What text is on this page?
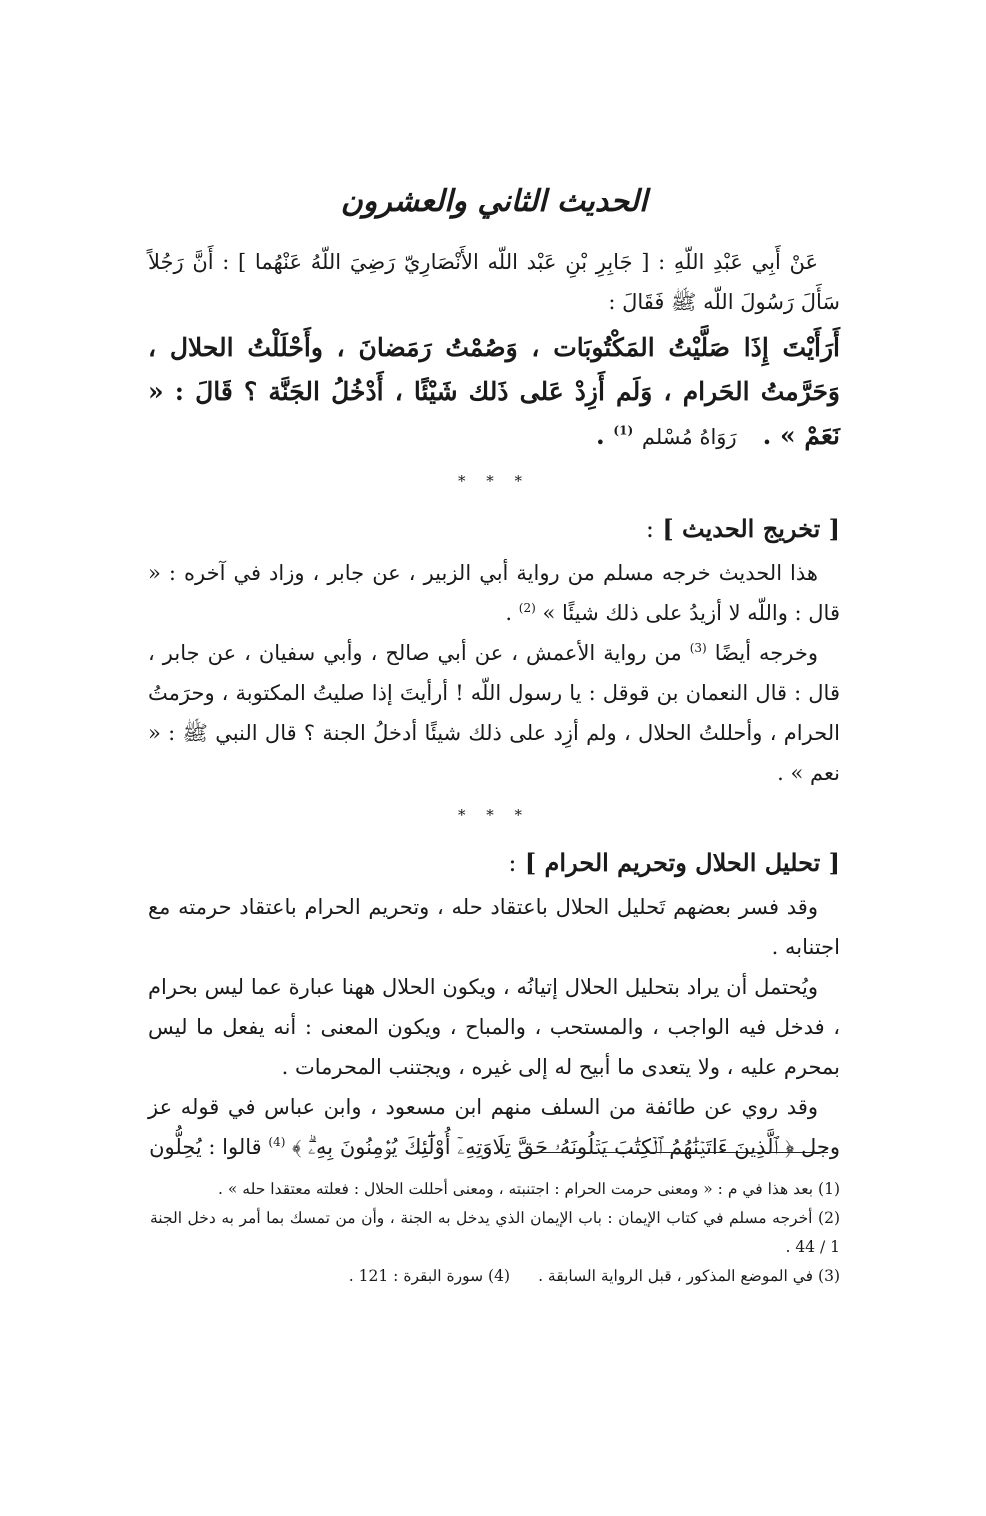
الحديث الثاني والعشرون

عَنْ أَبِي عَبْدِ اللّهِ : [ جَابِرِ بْنِ عَبْد اللّه الأَنْصَارِيّ رَضِيَ اللّهُ عَنْهُما ] : أَنَّ رَجُلاً سَأَلَ رَسُولَ اللّه ﷺ فَقَالَ :

أَرَأَيْتَ إِذَا صَلَّيْتُ المَكْتُوبَات ، وَصُمْتُ رَمَضانَ ، وأَحْلَلْتُ الحلال ، وَحَرَّمتُ الحَرام ، وَلَم أَزِدْ عَلى ذَلك شَيْئًا ، أَدْخُلُ الجَنَّة ؟ قَالَ : « نَعَمْ » .رَوَاهُ مُسْلم $^{(1)}$ .

* * *
[ تخريج الحديث ] :

هذا الحديث خرجه مسلم من رواية أبي الزبير ، عن جابر ، وزاد في آخره : « قال : واللّه لا أزيدُ على ذلك شيئًا » $^{(2)}$ .

وخرجه أيضًا $^{(3)}$ من رواية الأعمش ، عن أبي صالح ، وأبي سفيان ، عن جابر ، قال : قال النعمان بن قوقل : يا رسول اللّه ! أرأيتَ إذا صليتُ المكتوبة ، وحرَمتُ الحرام ، وأحللتُ الحلال ، ولم أزِد على ذلك شيئًا أدخلُ الجنة ؟ قال النبي ﷺ : « نعم » .

* * *
[ تحليل الحلال وتحريم الحرام ] :

وقد فسر بعضهم تَحليل الحلال باعتقاد حله ، وتحريم الحرام باعتقاد حرمته مع اجتنابه .

ويُحتمل أن يراد بتحليل الحلال إتيانُه ، ويكون الحلال ههنا عبارة عما ليس بحرام ، فدخل فيه الواجب ، والمستحب ، والمباح ، ويكون المعنى : أنه يفعل ما ليس بمحرم عليه ، ولا يتعدى ما أبيح له إلى غيره ، ويجتنب المحرمات .

وقد روي عن طائفة من السلف منهم ابن مسعود ، وابن عباس في قوله عز وجل ﴿ ٱلَّذِينَ ءَاتَيۡنَٰهُمُ ٱلۡكِتَٰبَ يَتۡلُونَهُۥ حَقَّ تِلَاوَتِهِۦٓ أُوْلَٰٓئِكَ يُؤۡمِنُونَ بِهِۦۗ ﴾ $^{(4)}$ قالوا : يُحِلُّون

(1) بعد هذا في م : « ومعنى حرمت الحرام : اجتنبته ، ومعنى أحللت الحلال : فعلته معتقدا حله » .
(2) أخرجه مسلم في كتاب الإيمان : باب الإيمان الذي يدخل به الجنة ، وأن من تمسك بما أمر به دخل الجنة 1 / 44 .
(3) في الموضع المذكور ، قبل الرواية السابقة .
(4) سورة البقرة : 121 .
